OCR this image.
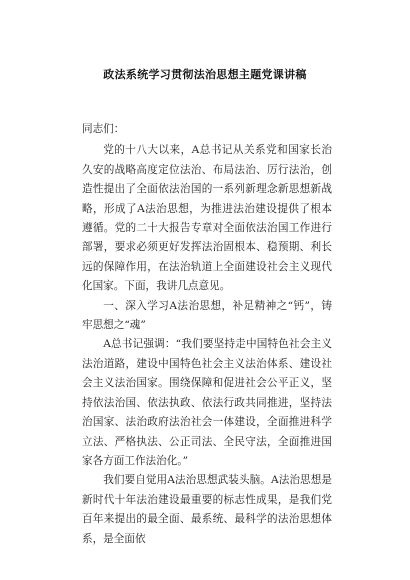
政法系统学习贯彻法治思想主题党课讲稿

同志们：

党的十八大以来，A总书记从关系党和国家长治久安的战略高度定位法治、布局法治、厉行法治，创造性提出了全面依法治国的一系列新理念新思想新战略，形成了A法治思想，为推进法治建设提供了根本遵循。党的二十大报告专章对全面依法治国工作进行部署，要求必须更好发挥法治固根本、稳预期、利长远的保障作用，在法治轨道上全面建设社会主义现代化国家。下面，我讲几点意见。

一、深入学习A法治思想，补足精神之“钙”，铸牢思想之“魂”

A总书记强调：“我们要坚持走中国特色社会主义法治道路，建设中国特色社会主义法治体系、建设社会主义法治国家。围绕保障和促进社会公平正义，坚持依法治国、依法执政、依法行政共同推进，坚持法治国家、法治政府法治社会一体建设，全面推进科学立法、严格执法、公正司法、全民守法，全面推进国家各方面工作法治化。”

我们要自觉用A法治思想武装头脑。A法治思想是新时代十年法治建设最重要的标志性成果，是我们党百年来提出的最全面、最系统、最科学的法治思想体系，是全面依
